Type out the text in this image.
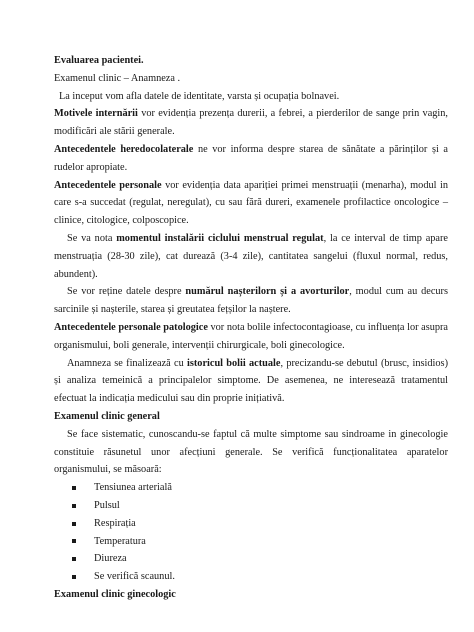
Evaluarea pacientei.

Examenul clinic – Anamneza .

La inceput vom afla datele de identitate, varsta și ocupația bolnavei.

Motivele internării vor evidenția prezența durerii, a febrei, a pierderilor de sange prin vagin, modificări ale stării generale.

Antecedentele heredocolaterale ne vor informa despre starea de sănătate a părinților și a rudelor apropiate.

Antecedentele personale vor evidenția data apariției primei menstruații (menarha), modul in care s-a succedat (regulat, neregulat), cu sau fără dureri, examenele profilactice oncologice – clinice, citologice, colposcopice.

Se va nota momentul instalării ciclului menstrual regulat, la ce interval de timp apare menstruația (28-30 zile), cat durează (3-4 zile), cantitatea sangelui (fluxul normal, redus, abundent).

Se vor reține datele despre numărul nașterilorn și a avorturilor, modul cum au decurs sarcinile și nașterile, starea și greutatea fețșilor la naștere.

Antecedentele personale patologice vor nota bolile infectocontagioase, cu influența lor asupra organismului, boli generale, intervenții chirurgicale, boli ginecologice.

Anamneza se finalizează cu istoricul bolii actuale, precizandu-se debutul (brusc, insidios) și analiza temeinică a principalelor simptome. De asemenea, ne interesează tratamentul efectuat la indicația medicului sau din proprie inițiativă.

Examenul clinic general

Se face sistematic, cunoscandu-se faptul că multe simptome sau sindroame in ginecologie constituie răsunetul unor afecțiuni generale. Se verifică funcționalitatea aparatelor organismului, se măsoară:

Tensiunea arterială
Pulsul
Respirația
Temperatura
Diureza
Se verifică scaunul.

Examenul clinic ginecologic
